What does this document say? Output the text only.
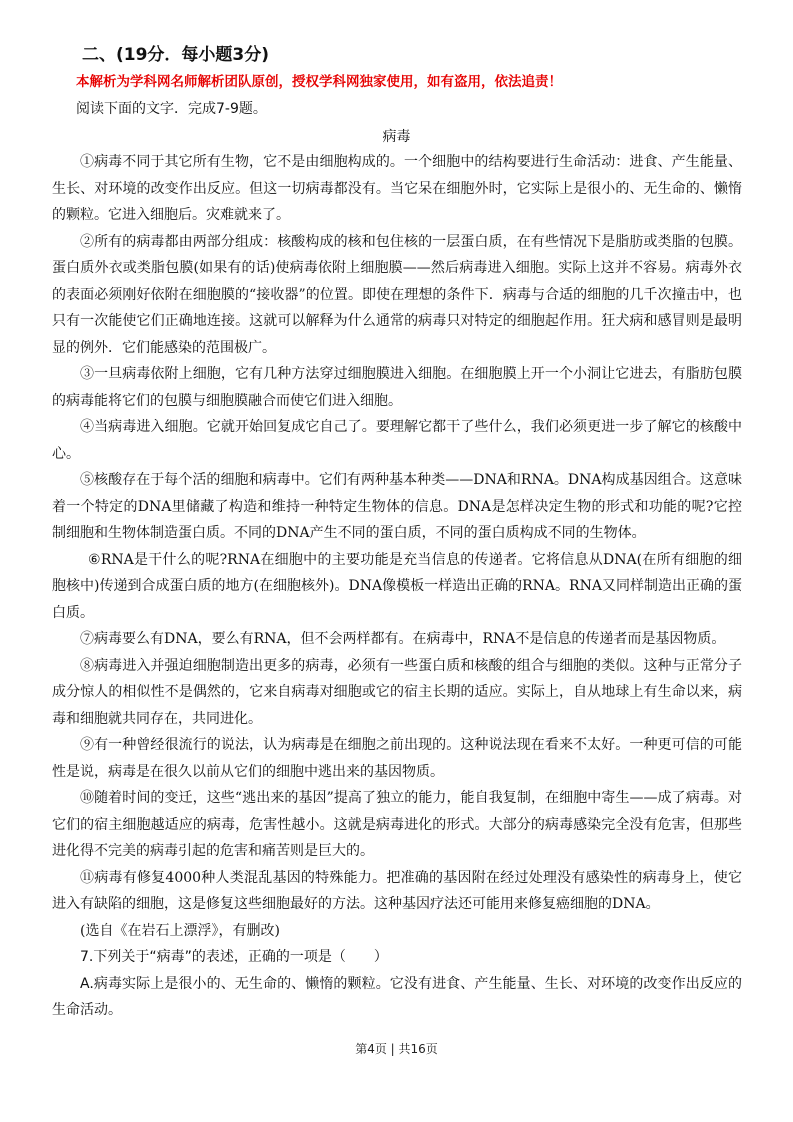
二、(19分．每小题3分)
本解析为学科网名师解析团队原创，授权学科网独家使用，如有盗用，依法追责！
阅读下面的文字．完成7-9题。
病毒

①病毒不同于其它所有生物，它不是由细胞构成的。一个细胞中的结构要进行生命活动：进食、产生能量、生长、对环境的改变作出反应。但这一切病毒都没有。当它呆在细胞外时，它实际上是很小的、无生命的、懒惰的颗粒。它进入细胞后。灾难就来了。

②所有的病毒都由两部分组成：核酸构成的核和包住核的一层蛋白质，在有些情况下是脂肪或类脂的包膜。蛋白质外衣或类脂包膜(如果有的话)使病毒依附上细胞膜——然后病毒进入细胞。实际上这并不容易。病毒外衣的表面必须刚好依附在细胞膜的“接收器”的位置。即使在理想的条件下．病毒与合适的细胞的几千次撞击中，也只有一次能使它们正确地连接。这就可以解释为什么通常的病毒只对特定的细胞起作用。狂犬病和感冒则是最明显的例外．它们能感染的范围极广。

③一旦病毒依附上细胞，它有几种方法穿过细胞膜进入细胞。在细胞膜上开一个小洞让它进去，有脂肪包膜的病毒能将它们的包膜与细胞膜融合而使它们进入细胞。

④当病毒进入细胞。它就开始回复成它自己了。要理解它都干了些什么，我们必须更进一步了解它的核酸中心。

⑤核酸存在于每个活的细胞和病毒中。它们有两种基本种类——DNA和RNA。DNA构成基因组合。这意味着一个特定的DNA里储藏了构造和维持一种特定生物体的信息。DNA是怎样决定生物的形式和功能的呢?它控制细胞和生物体制造蛋白质。不同的DNA产生不同的蛋白质，不同的蛋白质构成不同的生物体。

⑥RNA是干什么的呢?RNA在细胞中的主要功能是充当信息的传递者。它将信息从DNA(在所有细胞的细胞核中)传递到合成蛋白质的地方(在细胞核外)。DNA像模板一样造出正确的RNA。RNA又同样制造出正确的蛋白质。

⑦病毒要么有DNA，要么有RNA，但不会两样都有。在病毒中，RNA不是信息的传递者而是基因物质。

⑧病毒进入并强迫细胞制造出更多的病毒，必须有一些蛋白质和核酸的组合与细胞的类似。这种与正常分子成分惊人的相似性不是偶然的，它来自病毒对细胞或它的宿主长期的适应。实际上，自从地球上有生命以来，病毒和细胞就共同存在，共同进化。

⑨有一种曾经很流行的说法，认为病毒是在细胞之前出现的。这种说法现在看来不太好。一种更可信的可能性是说，病毒是在很久以前从它们的细胞中逃出来的基因物质。

⑩随着时间的变迁，这些“逃出来的基因”提高了独立的能力，能自我复制，在细胞中寄生——成了病毒。对它们的宿主细胞越适应的病毒，危害性越小。这就是病毒进化的形式。大部分的病毒感染完全没有危害，但那些进化得不完美的病毒引起的危害和痛苦则是巨大的。

⑪病毒有修复4000种人类混乱基因的特殊能力。把准确的基因附在经过处理没有感染性的病毒身上，使它进入有缺陷的细胞，这是修复这些细胞最好的方法。这种基因疗法还可能用来修复癌细胞的DNA。

(选自《在岩石上漂浮》，有删改)

7.下列关于“病毒”的表述，正确的一项是（　　）

A.病毒实际上是很小的、无生命的、懒惰的颗粒。它没有进食、产生能量、生长、对环境的改变作出反应的生命活动。

第4页 | 共16页
